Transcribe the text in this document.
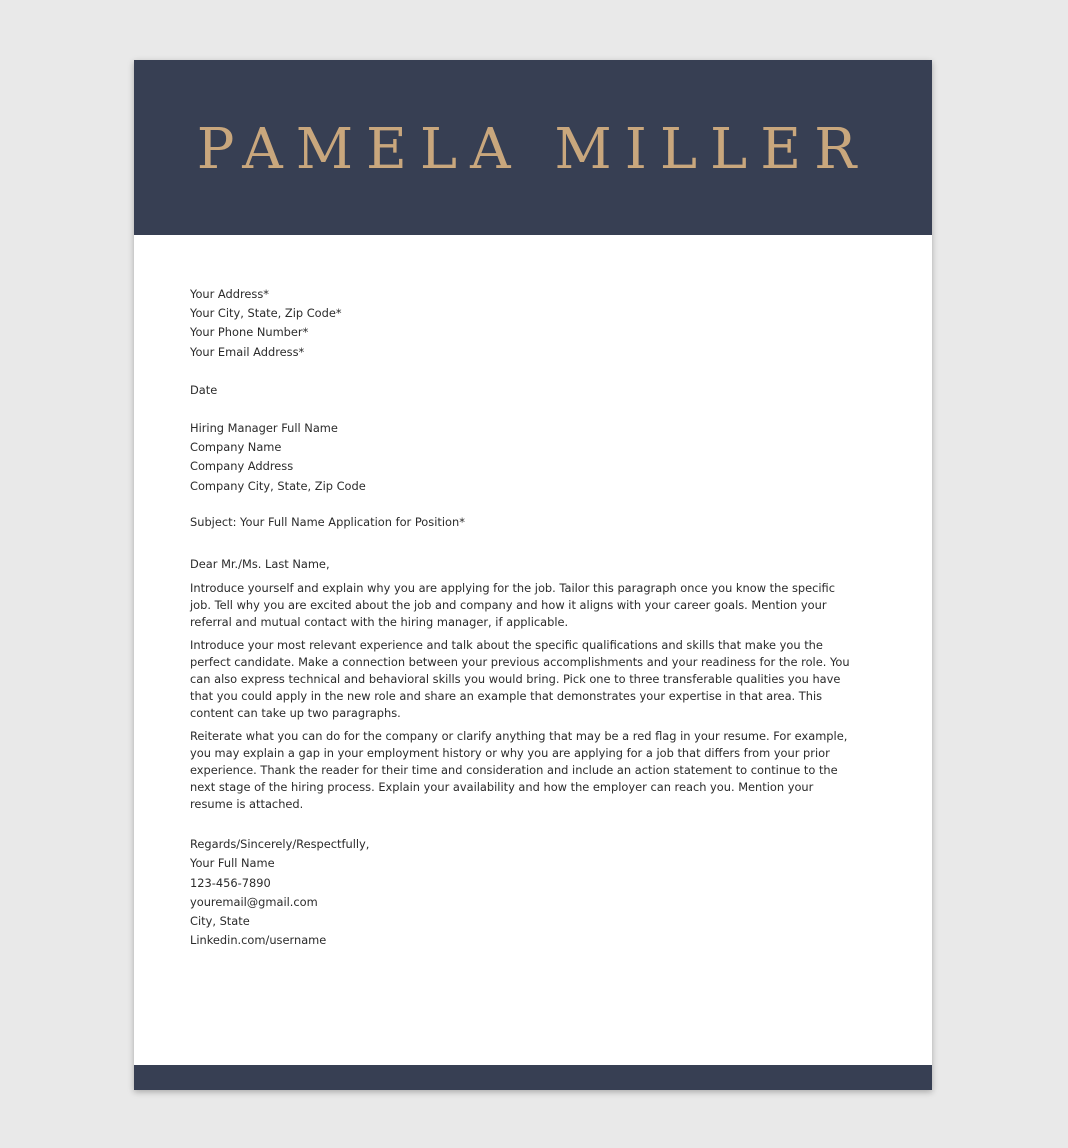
PAMELA MILLER
Your Address*
Your City, State, Zip Code*
Your Phone Number*
Your Email Address*
Date
Hiring Manager Full Name
Company Name
Company Address
Company City, State, Zip Code
Subject: Your Full Name Application for Position*
Dear Mr./Ms. Last Name,

Introduce yourself and explain why you are applying for the job. Tailor this paragraph once you know the specific job. Tell why you are excited about the job and company and how it aligns with your career goals. Mention your referral and mutual contact with the hiring manager, if applicable.

Introduce your most relevant experience and talk about the specific qualifications and skills that make you the perfect candidate. Make a connection between your previous accomplishments and your readiness for the role. You can also express technical and behavioral skills you would bring. Pick one to three transferable qualities you have that you could apply in the new role and share an example that demonstrates your expertise in that area. This content can take up two paragraphs.

Reiterate what you can do for the company or clarify anything that may be a red flag in your resume. For example, you may explain a gap in your employment history or why you are applying for a job that differs from your prior experience. Thank the reader for their time and consideration and include an action statement to continue to the next stage of the hiring process. Explain your availability and how the employer can reach you. Mention your resume is attached.

Regards/Sincerely/Respectfully,
Your Full Name
123-456-7890
youremail@gmail.com
City, State
Linkedin.com/username
